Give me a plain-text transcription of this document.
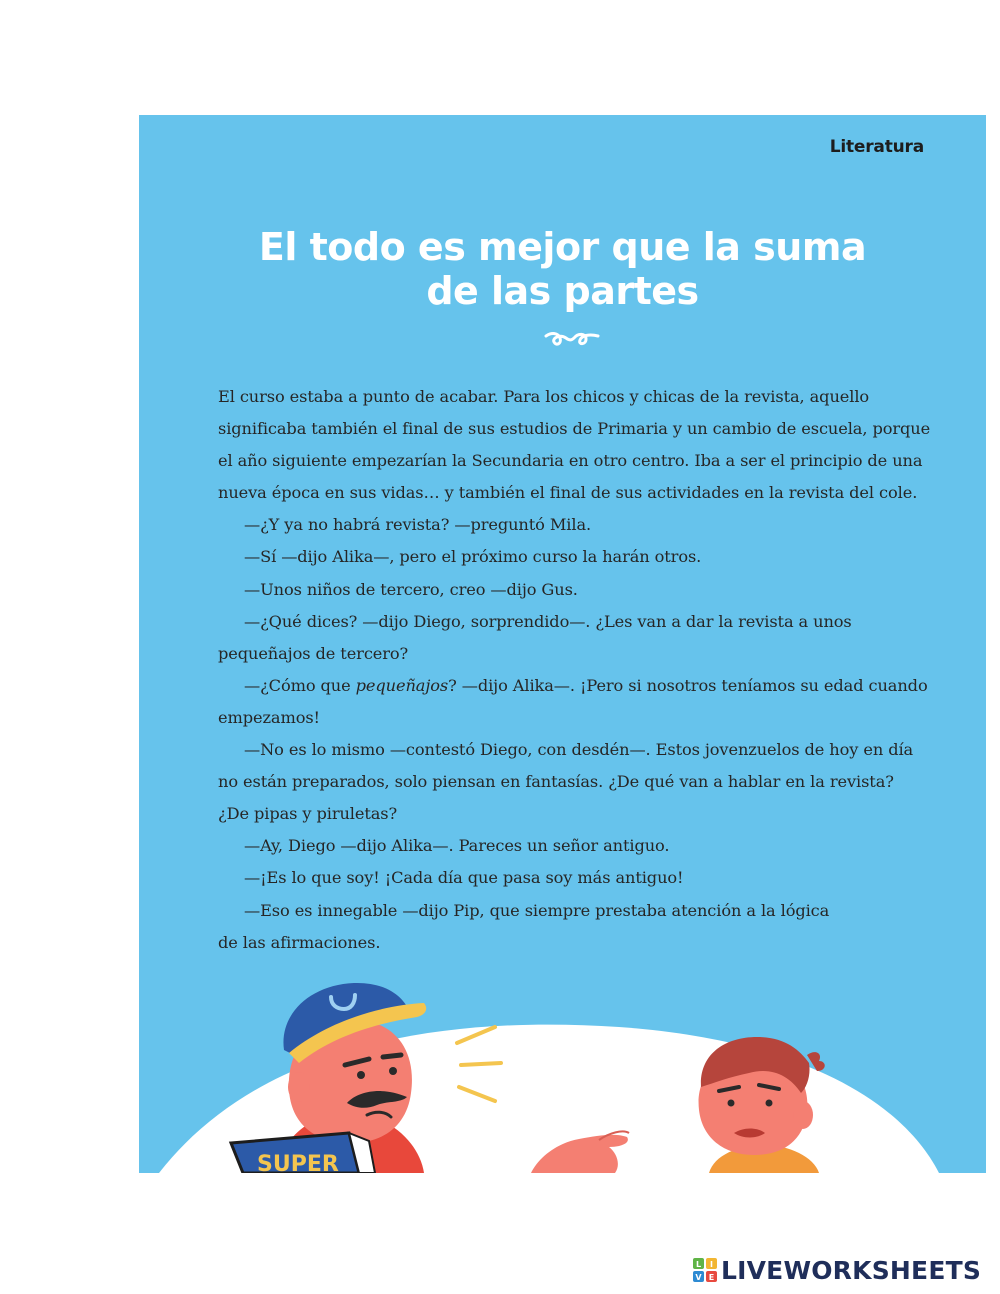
Literatura
El todo es mejor que la suma
de las partes

El curso estaba a punto de acabar. Para los chicos y chicas de la revista, aquello significaba también el final de sus estudios de Primaria y un cambio de escuela, porque el año siguiente empezarían la Secundaria en otro centro. Iba a ser el principio de una nueva época en sus vidas… y también el final de sus actividades en la revista del cole.

—¿Y ya no habrá revista? —preguntó Mila.

—Sí —dijo Alika—, pero el próximo curso la harán otros.

—Unos niños de tercero, creo —dijo Gus.

—¿Qué dices? —dijo Diego, sorprendido—. ¿Les van a dar la revista a unos pequeñajos de tercero?

—¿Cómo que pequeñajos? —dijo Alika—. ¡Pero si nosotros teníamos su edad cuando empezamos!

—No es lo mismo —contestó Diego, con desdén—. Estos jovenzuelos de hoy en día no están preparados, solo piensan en fantasías. ¿De qué van a hablar en la revista?

¿De pipas y piruletas?

—Ay, Diego —dijo Alika—. Pareces un señor antiguo.

—¡Es lo que soy! ¡Cada día que pasa soy más antiguo!

—Eso es innegable —dijo Pip, que siempre prestaba atención a la lógica

de las afirmaciones.

SUPER
L I
V E LIVEWORKSHEETS
